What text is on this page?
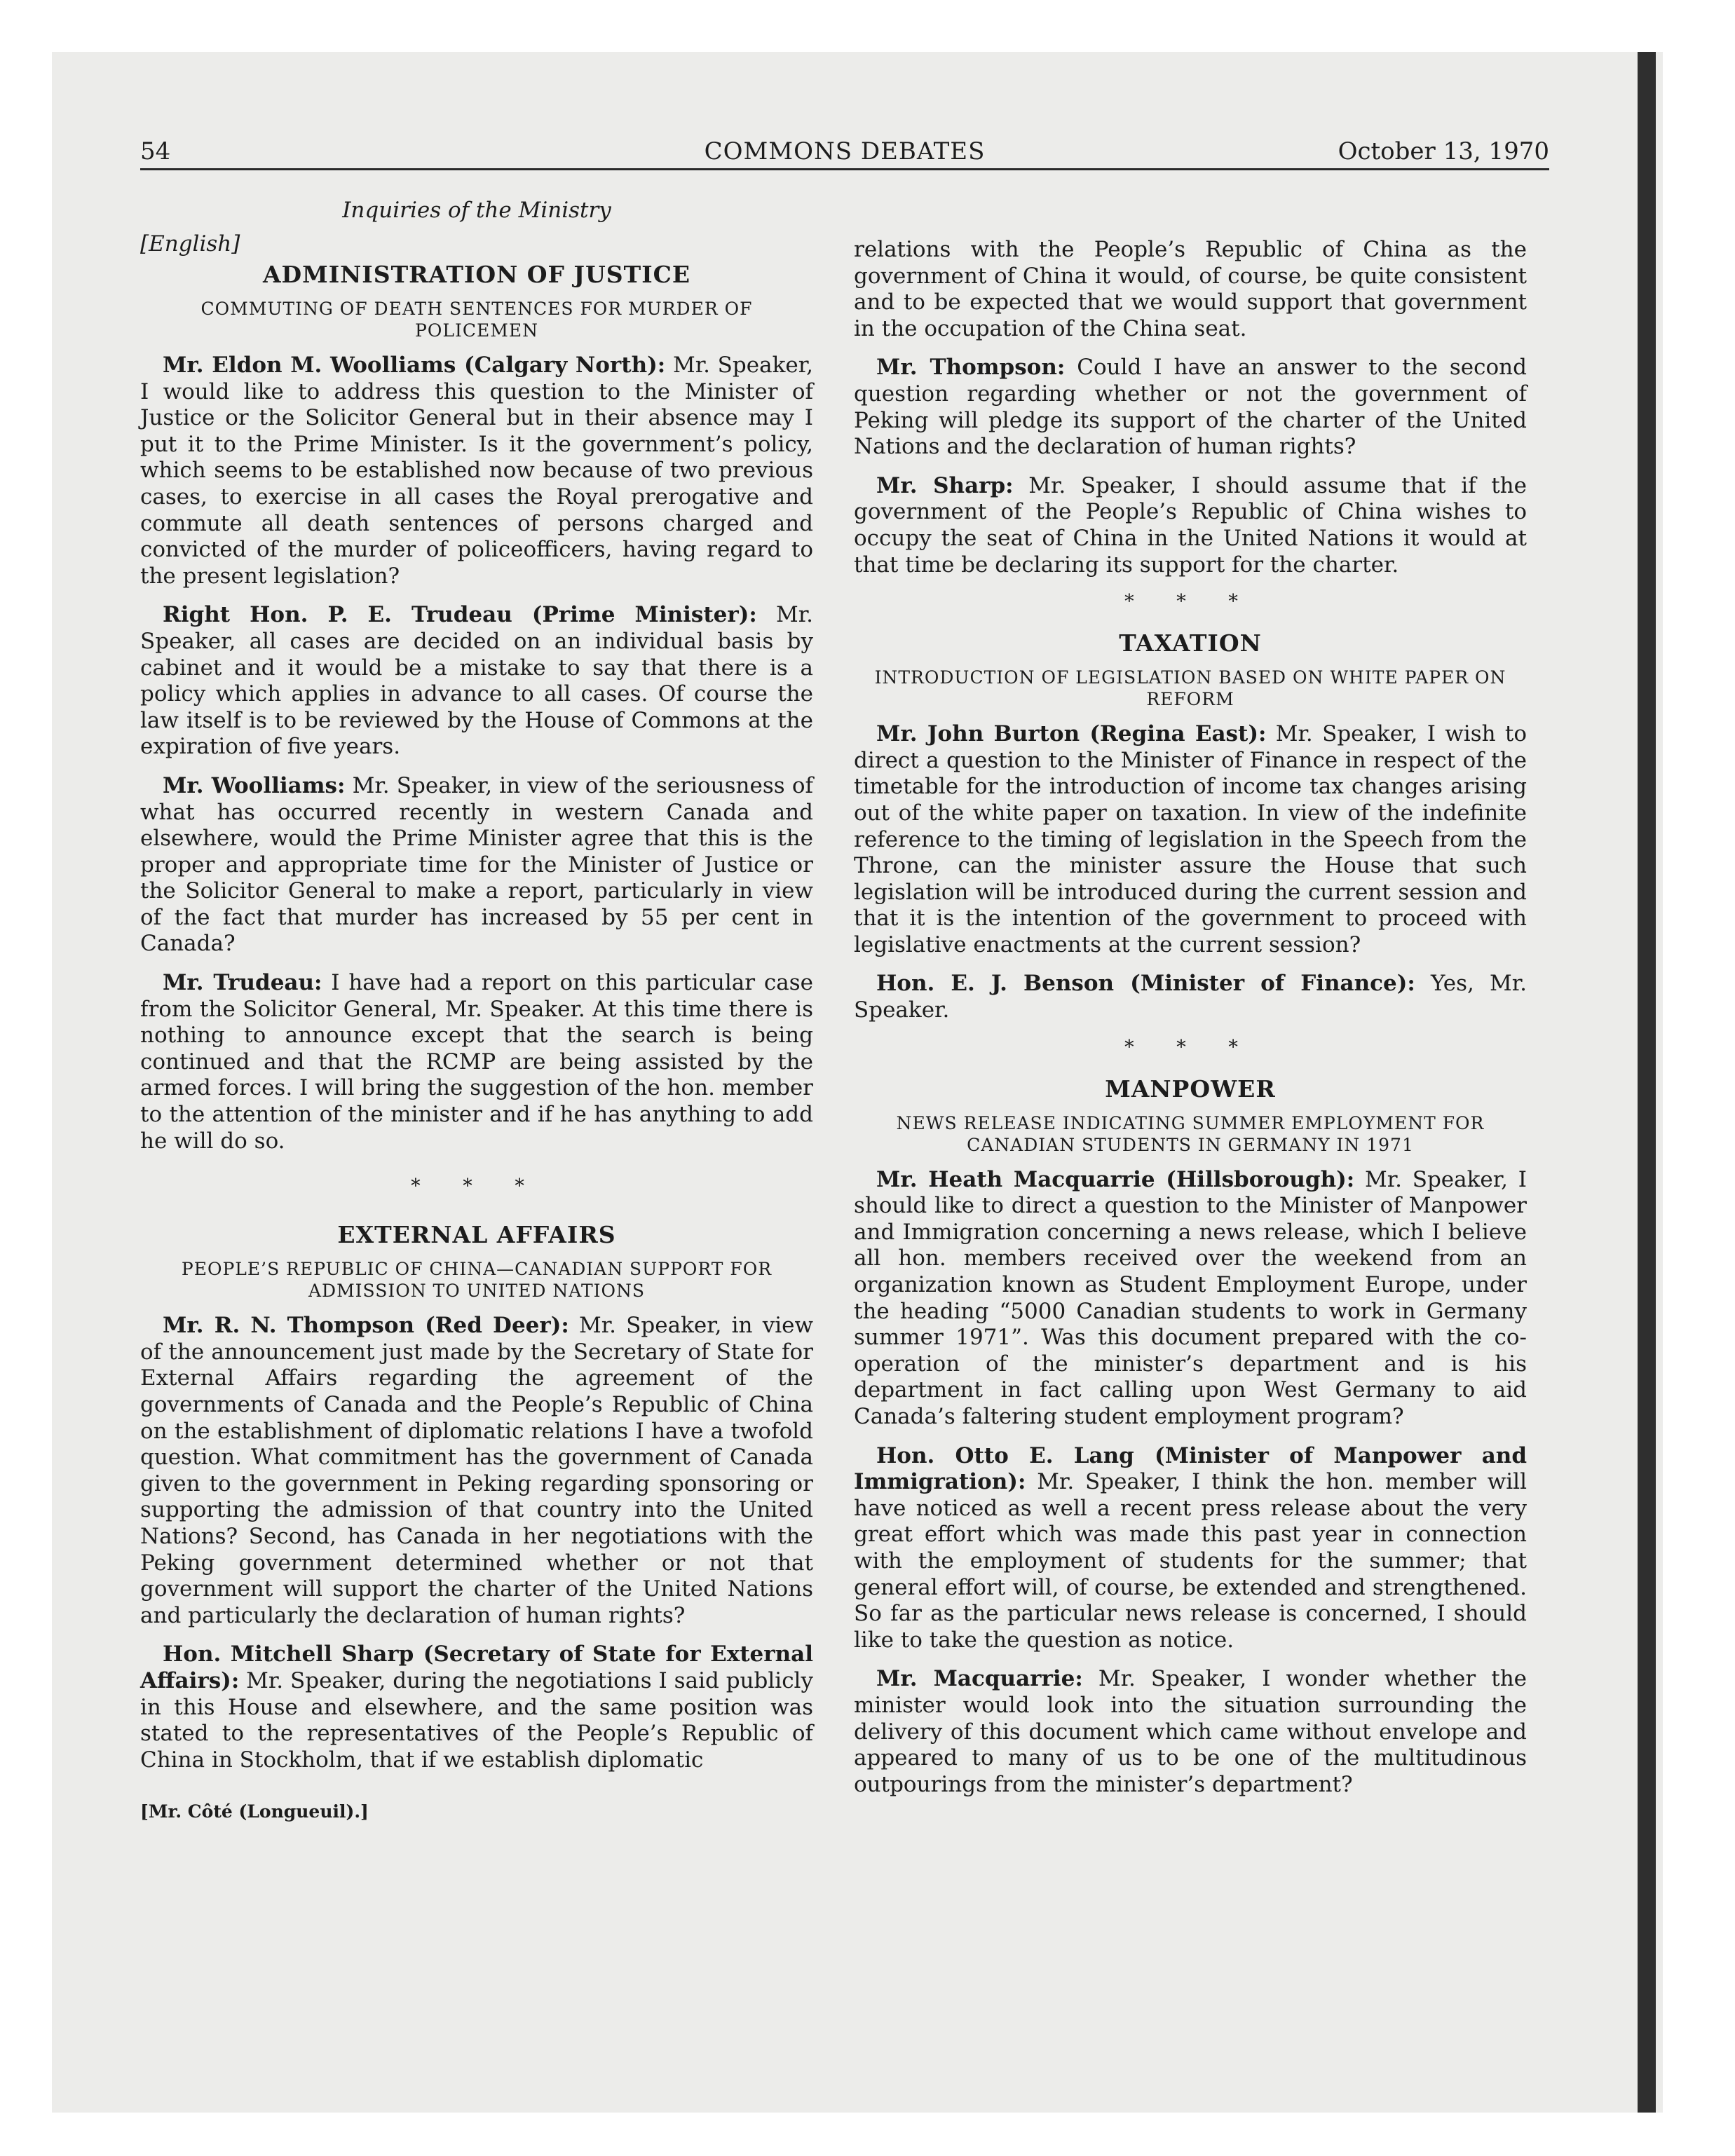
54	COMMONS DEBATES	October 13, 1970
Inquiries of the Ministry
[English]
ADMINISTRATION OF JUSTICE
COMMUTING OF DEATH SENTENCES FOR MURDER OF POLICEMEN

Mr. Eldon M. Woolliams (Calgary North): Mr. Speaker, I would like to address this question to the Minister of Justice or the Solicitor General but in their absence may I put it to the Prime Minister. Is it the government’s policy, which seems to be established now because of two previous cases, to exercise in all cases the Royal prerogative and commute all death sentences of persons charged and convicted of the murder of policeofficers, having regard to the present legislation?

Right Hon. P. E. Trudeau (Prime Minister): Mr. Speaker, all cases are decided on an individual basis by cabinet and it would be a mistake to say that there is a policy which applies in advance to all cases. Of course the law itself is to be reviewed by the House of Commons at the expiration of five years.

Mr. Woolliams: Mr. Speaker, in view of the seriousness of what has occurred recently in western Canada and elsewhere, would the Prime Minister agree that this is the proper and appropriate time for the Minister of Justice or the Solicitor General to make a report, particularly in view of the fact that murder has increased by 55 per cent in Canada?

Mr. Trudeau: I have had a report on this particular case from the Solicitor General, Mr. Speaker. At this time there is nothing to announce except that the search is being continued and that the RCMP are being assisted by the armed forces. I will bring the suggestion of the hon. member to the attention of the minister and if he has anything to add he will do so.

* * *
EXTERNAL AFFAIRS
PEOPLE’S REPUBLIC OF CHINA—CANADIAN SUPPORT FOR ADMISSION TO UNITED NATIONS

Mr. R. N. Thompson (Red Deer): Mr. Speaker, in view of the announcement just made by the Secretary of State for External Affairs regarding the agreement of the governments of Canada and the People’s Republic of China on the establishment of diplomatic relations I have a twofold question. What commitment has the government of Canada given to the government in Peking regarding sponsoring or supporting the admission of that country into the United Nations? Second, has Canada in her negotiations with the Peking government determined whether or not that government will support the charter of the United Nations and particularly the declaration of human rights?

Hon. Mitchell Sharp (Secretary of State for External Affairs): Mr. Speaker, during the negotiations I said publicly in this House and elsewhere, and the same position was stated to the representatives of the People’s Republic of China in Stockholm, that if we establish diplomatic

[Mr. Côté (Longueuil).]

relations with the People’s Republic of China as the government of China it would, of course, be quite consistent and to be expected that we would support that government in the occupation of the China seat.

Mr. Thompson: Could I have an answer to the second question regarding whether or not the government of Peking will pledge its support of the charter of the United Nations and the declaration of human rights?

Mr. Sharp: Mr. Speaker, I should assume that if the government of the People’s Republic of China wishes to occupy the seat of China in the United Nations it would at that time be declaring its support for the charter.

* * *
TAXATION
INTRODUCTION OF LEGISLATION BASED ON WHITE PAPER ON REFORM

Mr. John Burton (Regina East): Mr. Speaker, I wish to direct a question to the Minister of Finance in respect of the timetable for the introduction of income tax changes arising out of the white paper on taxation. In view of the indefinite reference to the timing of legislation in the Speech from the Throne, can the minister assure the House that such legislation will be introduced during the current session and that it is the intention of the government to proceed with legislative enactments at the current session?

Hon. E. J. Benson (Minister of Finance): Yes, Mr. Speaker.

* * *
MANPOWER
NEWS RELEASE INDICATING SUMMER EMPLOYMENT FOR CANADIAN STUDENTS IN GERMANY IN 1971

Mr. Heath Macquarrie (Hillsborough): Mr. Speaker, I should like to direct a question to the Minister of Manpower and Immigration concerning a news release, which I believe all hon. members received over the weekend from an organization known as Student Employment Europe, under the heading “5000 Canadian students to work in Germany summer 1971”. Was this document prepared with the co-operation of the minister’s department and is his department in fact calling upon West Germany to aid Canada’s faltering student employment program?

Hon. Otto E. Lang (Minister of Manpower and Immigration): Mr. Speaker, I think the hon. member will have noticed as well a recent press release about the very great effort which was made this past year in connection with the employment of students for the summer; that general effort will, of course, be extended and strengthened. So far as the particular news release is concerned, I should like to take the question as notice.

Mr. Macquarrie: Mr. Speaker, I wonder whether the minister would look into the situation surrounding the delivery of this document which came without envelope and appeared to many of us to be one of the multitudinous outpourings from the minister’s department?
